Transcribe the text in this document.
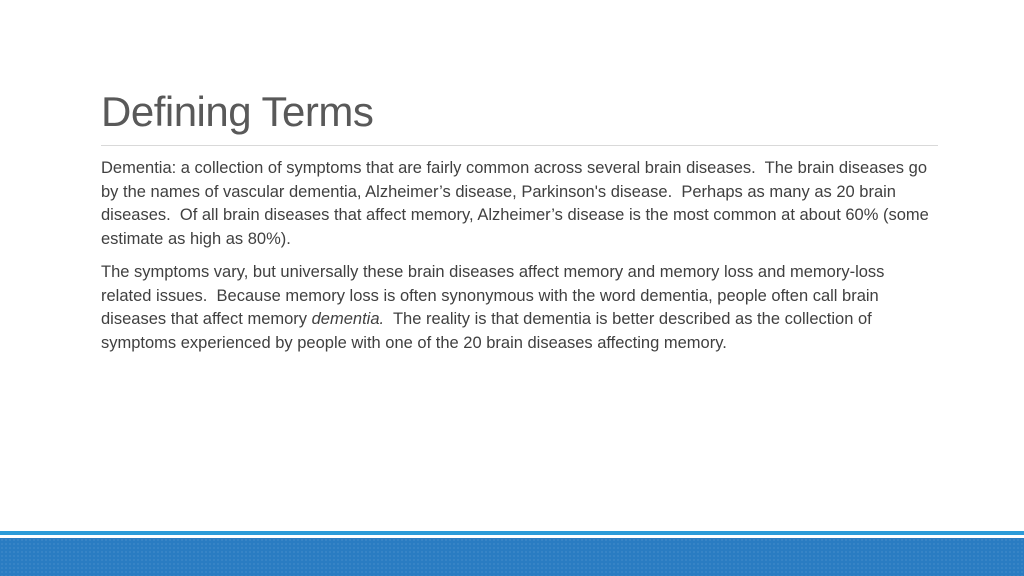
Defining Terms

Dementia: a collection of symptoms that are fairly common across several brain diseases.  The brain diseases go by the names of vascular dementia, Alzheimer’s disease, Parkinson's disease.  Perhaps as many as 20 brain diseases.  Of all brain diseases that affect memory, Alzheimer’s disease is the most common at about 60% (some estimate as high as 80%).

The symptoms vary, but universally these brain diseases affect memory and memory loss and memory-loss  related issues.  Because memory loss is often synonymous with the word dementia, people often call brain diseases that affect memory dementia.  The reality is that dementia is better described as the collection of symptoms experienced by people with one of the 20 brain diseases affecting memory.
